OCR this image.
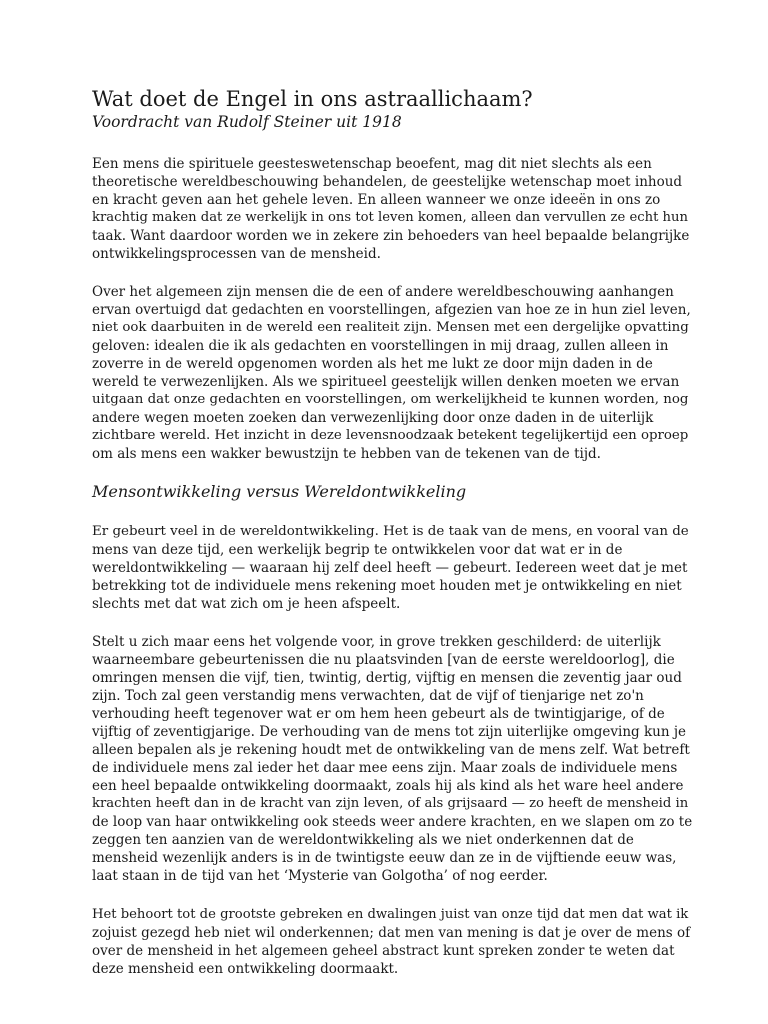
Wat doet de Engel in ons astraallichaam?

Voordracht van Rudolf Steiner uit 1918

Een mens die spirituele geesteswetenschap beoefent, mag dit niet slechts als een
theoretische wereldbeschouwing behandelen, de geestelijke wetenschap moet inhoud
en kracht geven aan het gehele leven. En alleen wanneer we onze ideeën in ons zo
krachtig maken dat ze werkelijk in ons tot leven komen, alleen dan vervullen ze echt hun
taak. Want daardoor worden we in zekere zin behoeders van heel bepaalde belangrijke
ontwikkelingsprocessen van de mensheid.

Over het algemeen zijn mensen die de een of andere wereldbeschouwing aanhangen
ervan overtuigd dat gedachten en voorstellingen, afgezien van hoe ze in hun ziel leven,
niet ook daarbuiten in de wereld een realiteit zijn. Mensen met een dergelijke opvatting
geloven: idealen die ik als gedachten en voorstellingen in mij draag, zullen alleen in
zoverre in de wereld opgenomen worden als het me lukt ze door mijn daden in de
wereld te verwezenlijken. Als we spiritueel geestelijk willen denken moeten we ervan
uitgaan dat onze gedachten en voorstellingen, om werkelijkheid te kunnen worden, nog
andere wegen moeten zoeken dan verwezenlijking door onze daden in de uiterlijk
zichtbare wereld. Het inzicht in deze levensnoodzaak betekent tegelijkertijd een oproep
om als mens een wakker bewustzijn te hebben van de tekenen van de tijd.

Mensontwikkeling versus Wereldontwikkeling

Er gebeurt veel in de wereldontwikkeling. Het is de taak van de mens, en vooral van de
mens van deze tijd, een werkelijk begrip te ontwikkelen voor dat wat er in de
wereldontwikkeling — waaraan hij zelf deel heeft — gebeurt. Iedereen weet dat je met
betrekking tot de individuele mens rekening moet houden met je ontwikkeling en niet
slechts met dat wat zich om je heen afspeelt.

Stelt u zich maar eens het volgende voor, in grove trekken geschilderd: de uiterlijk
waarneembare gebeurtenissen die nu plaatsvinden [van de eerste wereldoorlog], die
omringen mensen die vijf, tien, twintig, dertig, vijftig en mensen die zeventig jaar oud
zijn. Toch zal geen verstandig mens verwachten, dat de vijf of tienjarige net zo'n
verhouding heeft tegenover wat er om hem heen gebeurt als de twintigjarige, of de
vijftig of zeventigjarige. De verhouding van de mens tot zijn uiterlijke omgeving kun je
alleen bepalen als je rekening houdt met de ontwikkeling van de mens zelf. Wat betreft
de individuele mens zal ieder het daar mee eens zijn. Maar zoals de individuele mens
een heel bepaalde ontwikkeling doormaakt, zoals hij als kind als het ware heel andere
krachten heeft dan in de kracht van zijn leven, of als grijsaard — zo heeft de mensheid in
de loop van haar ontwikkeling ook steeds weer andere krachten, en we slapen om zo te
zeggen ten aanzien van de wereldontwikkeling als we niet onderkennen dat de
mensheid wezenlijk anders is in de twintigste eeuw dan ze in de vijftiende eeuw was,
laat staan in de tijd van het ‘Mysterie van Golgotha’ of nog eerder.

Het behoort tot de grootste gebreken en dwalingen juist van onze tijd dat men dat wat ik
zojuist gezegd heb niet wil onderkennen; dat men van mening is dat je over de mens of
over de mensheid in het algemeen geheel abstract kunt spreken zonder te weten dat
deze mensheid een ontwikkeling doormaakt.
